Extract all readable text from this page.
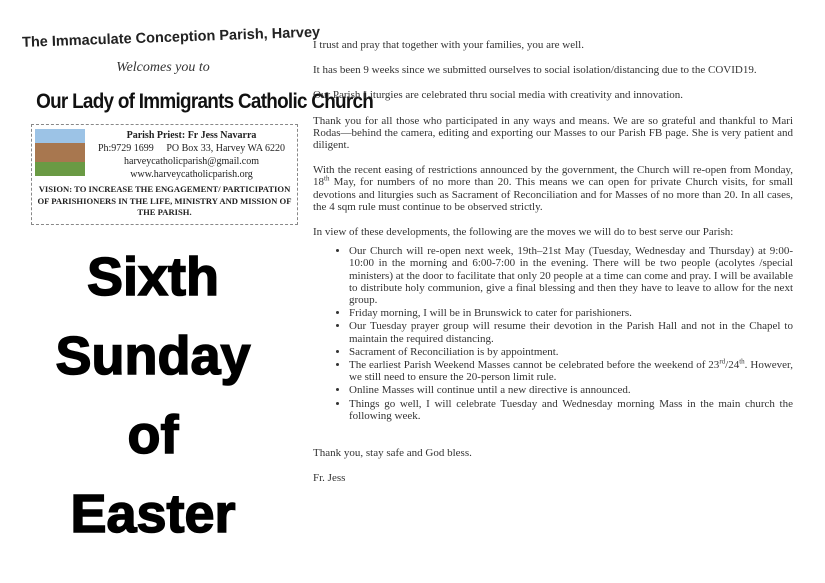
The Immaculate Conception Parish, Harvey
Welcomes you to
Our Lady of Immigrants Catholic Church
Parish Priest: Fr Jess Navarra
Ph:9729 1699 PO Box 33, Harvey WA 6220
harveycatholicparish@gmail.com
www.harveycatholicparish.org
VISION: TO INCREASE THE ENGAGEMENT/ PARTICIPATION OF PARISHIONERS IN THE LIFE, MINISTRY AND MISSION OF THE PARISH.
Sixth
Sunday
of
Easter

I trust and pray that together with your families, you are well.

It has been 9 weeks since we submitted ourselves to social isolation/distancing due to the COVID19.

Our Parish Liturgies are celebrated thru social media with creativity and innovation.

Thank you for all those who participated in any ways and means. We are so grateful and thankful to Mari Rodas—behind the camera, editing and exporting our Masses to our Parish FB page. She is very patient and diligent.

With the recent easing of restrictions announced by the government, the Church will re-open from Monday, 18th May, for numbers of no more than 20. This means we can open for private Church visits, for small devotions and liturgies such as Sacrament of Reconciliation and for Masses of no more than 20. In all cases, the 4 sqm rule must continue to be observed strictly.

In view of these developments, the following are the moves we will do to best serve our Parish:

• Our Church will re-open next week, 19th–21st May (Tuesday, Wednesday and Thursday) at 9:00-10:00 in the morning and 6:00-7:00 in the evening. There will be two people (acolytes /special ministers) at the door to facilitate that only 20 people at a time can come and pray. I will be available to distribute holy communion, give a final blessing and then they have to leave to allow for the next group.
• Friday morning, I will be in Brunswick to cater for parishioners.
• Our Tuesday prayer group will resume their devotion in the Parish Hall and not in the Chapel to maintain the required distancing.
• Sacrament of Reconciliation is by appointment.
• The earliest Parish Weekend Masses cannot be celebrated before the weekend of 23rd/24th. However, we still need to ensure the 20-person limit rule.
• Online Masses will continue until a new directive is announced.
• Things go well, I will celebrate Tuesday and Wednesday morning Mass in the main church the following week.

Thank you, stay safe and God bless.

Fr. Jess
